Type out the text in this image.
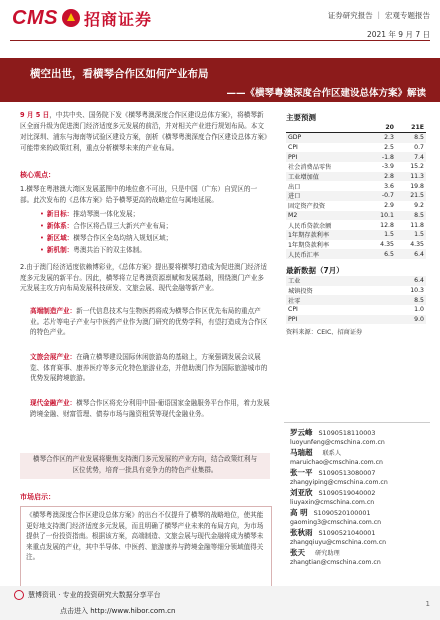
CMS 招商证券	证券研究报告 ｜ 宏观专题报告
2021 年 9 月 7 日
横空出世，看横琴合作区如何产业布局
——《横琴粤澳深度合作区建设总体方案》解读
9 月 5 日，中共中央、国务院下发《横琴粤澳深度合作区建设总体方案》，将横琴新区全面升级为促进澳门经济适度多元发展的前沿，并对相关产业进行规划布局。本文对比深圳、浦东与海南等试验区建设方案，剖析《横琴粤澳深度合作区建设总体方案》可能带来的政策红利，重点分析横琴未来的产业布局。
核心观点：
1.横琴在粤港澳大湾区发展蓝图中的地位愈不可出，只是中国（广东）自贸区的一部。此次发布的《总体方案》给予横琴更高的战略定位与属地延展。
• 新目标：推动琴澳一体化发展；
• 新体系：合作区将凸显三大新兴产业布局；
• 新区域：横琴合作区全岛均纳入规划区域；
• 新机制：粤澳共治下的双主体制。
2.由于澳门经济适度依赖博彩业，《总体方案》提出要将横琴打造成为促进澳门经济适度多元发展的新平台。因此，横琴将立足粤澳资源禀赋和发展基础，围绕澳门产业多元发展主攻方向布局发展科技研发、文旅会展、现代金融等新产业。
高端制造产业：新一代信息技术与生物医药将成为横琴合作区优先布局的重点产业。芯片等电子产业与中医药产业作为澳门研究的优势学科，有望打造成为合作区的特色产业。
文旅会展产业：在确立横琴建设国际休闲旅游岛的基础上，方案强调发展会议展览、体育赛事、康养医疗等多元化特色旅游业态，并借助澳门作为国际旅游城市的优势发展跨境旅游。
现代金融产业：横琴合作区将充分利用中国-葡语国家金融服务平台作用，着力发展跨境金融、财富管理、债券市场与融资租赁等现代金融业务。
横琴合作区的产业发展将聚焦支持澳门多元发展的产业方向，结合政策红利与区位优势，培育一批具有竞争力的特色产业集群。
市场启示：
《横琴粤澳深度合作区建设总体方案》的出台不仅提升了横琴的战略地位，使其能更好地支持澳门经济适度多元发展，而且明确了横琴产业未来的布局方向，为市场提供了一份投资指南。根据该方案，高端制造、文旅会展与现代金融将成为横琴未来重点发展的产业，其中半导体、中医药、旅游康养与跨境金融等细分领域值得关注。
主要预测
	20	21E
GDP	2.3	8.5
CPI	2.5	0.7
PPI	-1.8	7.4
社会消费品零售	-3.9	15.2
工业增加值	2.8	11.3
出口	3.6	19.8
进口	-0.7	21.5
固定资产投资	2.9	9.2
M2	10.1	8.5
人民币贷款余额	12.8	11.8
1年期存款利率	1.5	1.5
1年期贷款利率	4.35	4.35
人民币汇率	6.5	6.4
最新数据（7月）
工业	6.4
城镇投资	10.3
社零	8.5
CPI	1.0
PPI	9.0
资料来源：CEIC、招商证券
罗云峰 S1090518110003
luoyunfeng@cmschina.com.cn
马瑞超 联系人
maruichao@cmschina.com.cn
张一平 S1090513080007
zhangyiping@cmschina.com.cn
刘亚欣 S1090519040002
liuyaxin@cmschina.com.cn
高 明 S1090520100001
gaoming3@cmschina.com.cn
张秋雨 S1090521040001
zhangqiuyu@cmschina.com.cn
张天 研究助理
zhangtian@cmschina.com.cn
慧博资讯 · 专业的投资研究大数据分享平台
点击进入 http://www.hibor.com.cn
1
